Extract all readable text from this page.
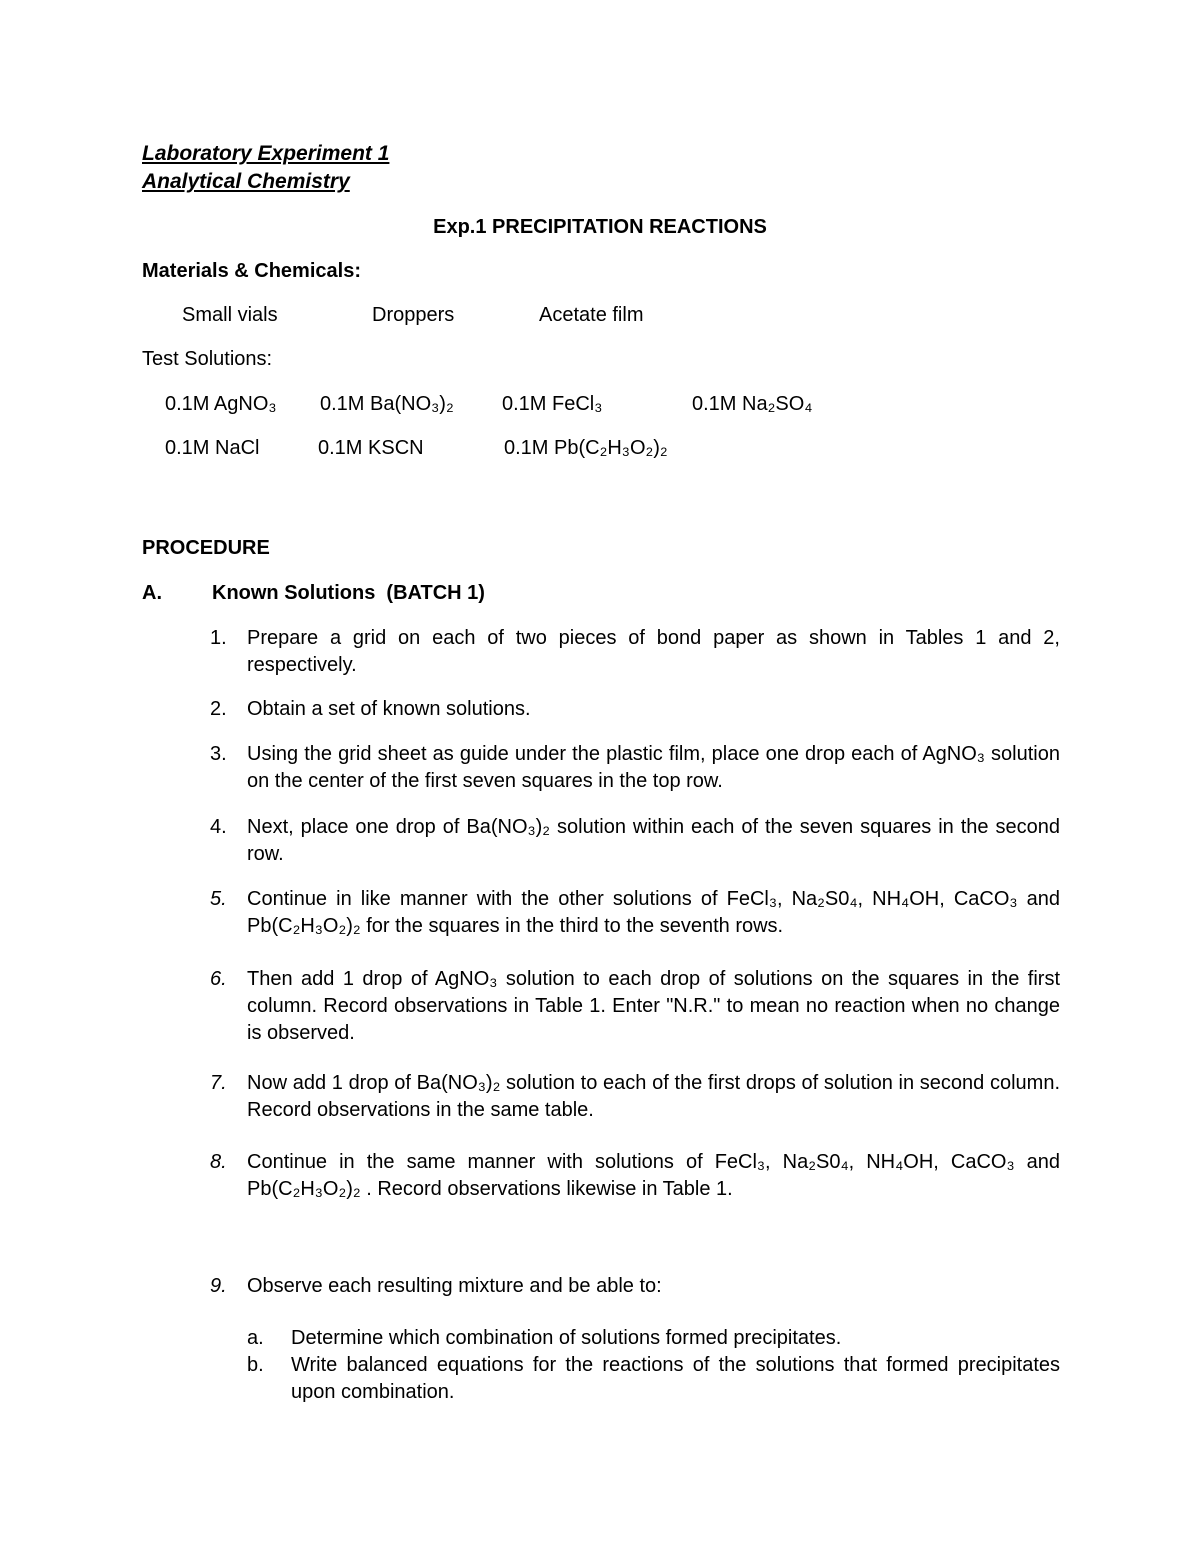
Laboratory Experiment 1
Analytical Chemistry
Exp.1 PRECIPITATION REACTIONS
Materials & Chemicals:
Small vials	Droppers	Acetate film
Test Solutions:
0.1M AgNO₃ 0.1M Ba(NO₃)₂ 0.1M FeCl₃	0.1M Na₂SO₄
0.1M NaCl	0.1M KSCN	0.1M Pb(C₂H₃O₂)₂
PROCEDURE
A.	Known Solutions  (BATCH 1)
1.	Prepare a grid on each of two pieces of bond paper as shown in Tables 1 and 2, respectively.
2.	Obtain a set of known solutions.
3.	Using the grid sheet as guide under the plastic film, place one drop each of AgNO₃ solution on the center of the first seven squares in the top row.
4.	Next, place one drop of Ba(NO₃)₂ solution within each of the seven squares in the second row.
5.	Continue in like manner with the other solutions of FeCl₃, Na₂S0₄, NH₄OH, CaCO₃ and Pb(C₂H₃O₂)₂ for the squares in the third to the seventh rows.
6.	Then add 1 drop of AgNO₃ solution to each drop of solutions on the squares in the first column. Record observations in Table 1. Enter "N.R." to mean no reaction when no change is observed.
7.	Now add 1 drop of Ba(NO₃)₂ solution to each of the first drops of solution in second column. Record observations in the same table.
8.	Continue in the same manner with solutions of FeCl₃, Na₂S0₄, NH₄OH, CaCO₃ and Pb(C₂H₃O₂)₂ . Record observations likewise in Table 1.
9.	Observe each resulting mixture and be able to:
a. Determine which combination of solutions formed precipitates.
b. Write balanced equations for the reactions of the solutions that formed precipitates upon combination.
